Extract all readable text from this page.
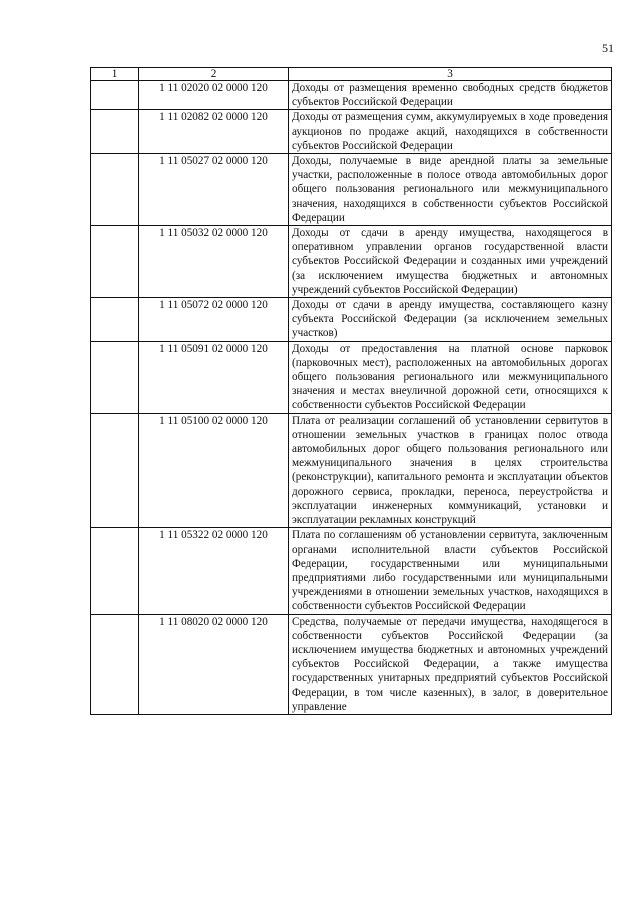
51
1	2	3
	1 11 02020 02 0000 120	Доходы от размещения временно свободных средств бюджетов субъектов Российской Федерации
	1 11 02082 02 0000 120	Доходы от размещения сумм, аккумулируемых в ходе проведения аукционов по продаже акций, находящихся в собственности субъектов Российской Федерации
	1 11 05027 02 0000 120	Доходы, получаемые в виде арендной платы за земельные участки, расположенные в полосе отвода автомобильных дорог общего пользования регионального или межмуниципального значения, находящихся в собственности субъектов Российской Федерации
	1 11 05032 02 0000 120	Доходы от сдачи в аренду имущества, находящегося в оперативном управлении органов государственной власти субъектов Российской Федерации и созданных ими учреждений (за исключением имущества бюджетных и автономных учреждений субъектов Российской Федерации)
	1 11 05072 02 0000 120	Доходы от сдачи в аренду имущества, составляющего казну субъекта Российской Федерации (за исключением земельных участков)
	1 11 05091 02 0000 120	Доходы от предоставления на платной основе парковок (парковочных мест), расположенных на автомобильных дорогах общего пользования регионального или межмуниципального значения и местах внеуличной дорожной сети, относящихся к собственности субъектов Российской Федерации
	1 11 05100 02 0000 120	Плата от реализации соглашений об установлении сервитутов в отношении земельных участков в границах полос отвода автомобильных дорог общего пользования регионального или межмуниципального значения в целях строительства (реконструкции), капитального ремонта и эксплуатации объектов дорожного сервиса, прокладки, переноса, переустройства и эксплуатации инженерных коммуникаций, установки и эксплуатации рекламных конструкций
	1 11 05322 02 0000 120	Плата по соглашениям об установлении сервитута, заключенным органами исполнительной власти субъектов Российской Федерации, государственными или муниципальными предприятиями либо государственными или муниципальными учреждениями в отношении земельных участков, находящихся в собственности субъектов Российской Федерации
	1 11 08020 02 0000 120	Средства, получаемые от передачи имущества, находящегося в собственности субъектов Российской Федерации (за исключением имущества бюджетных и автономных учреждений субъектов Российской Федерации, а также имущества государственных унитарных предприятий субъектов Российской Федерации, в том числе казенных), в залог, в доверительное управление
